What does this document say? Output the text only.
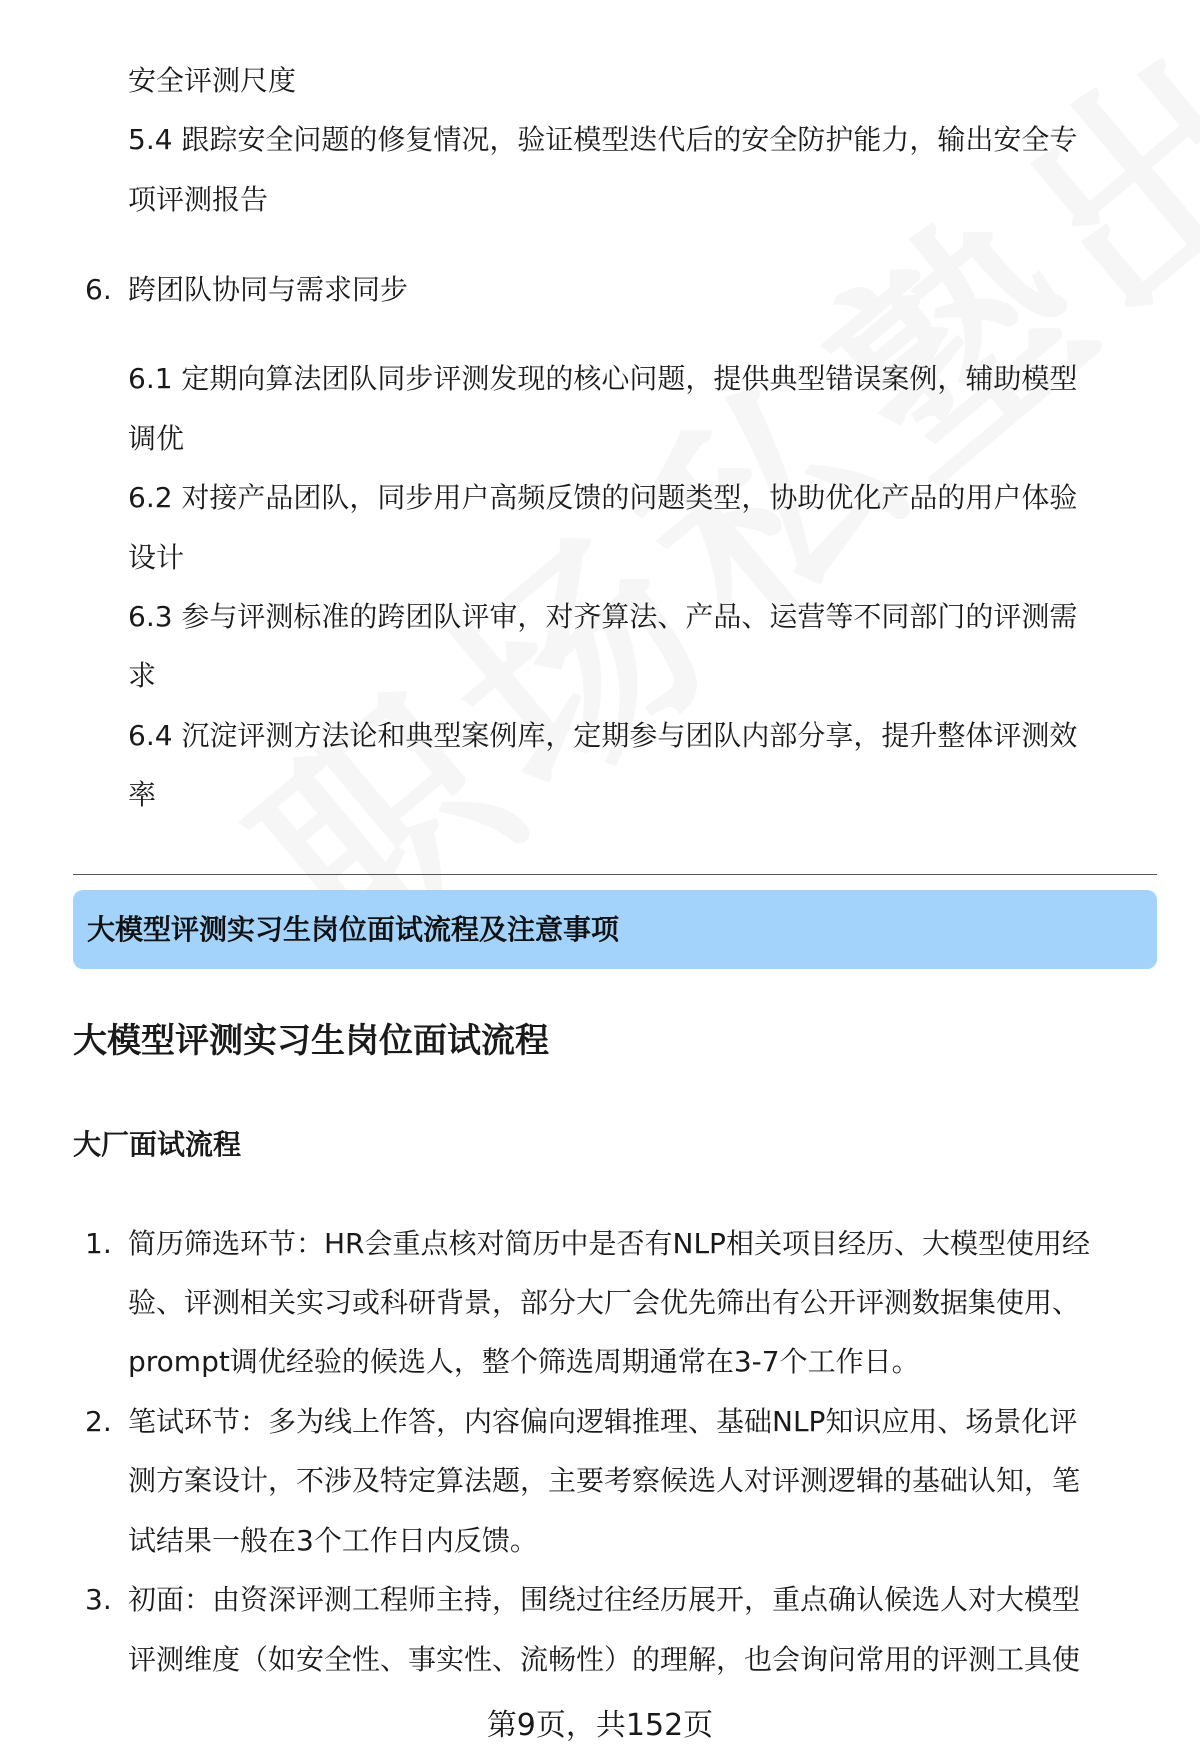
安全评测尺度
5.4 跟踪安全问题的修复情况，验证模型迭代后的安全防护能力，输出安全专
项评测报告
6. 跨团队协同与需求同步
6.1 定期向算法团队同步评测发现的核心问题，提供典型错误案例，辅助模型
调优
6.2 对接产品团队，同步用户高频反馈的问题类型，协助优化产品的用户体验
设计
6.3 参与评测标准的跨团队评审，对齐算法、产品、运营等不同部门的评测需
求
6.4 沉淀评测方法论和典型案例库，定期参与团队内部分享，提升整体评测效
率
大模型评测实习生岗位面试流程及注意事项
大模型评测实习生岗位面试流程
大厂面试流程
1. 简历筛选环节：HR会重点核对简历中是否有NLP相关项目经历、大模型使用经
验、评测相关实习或科研背景，部分大厂会优先筛出有公开评测数据集使用、
prompt调优经验的候选人，整个筛选周期通常在3-7个工作日。
2. 笔试环节：多为线上作答，内容偏向逻辑推理、基础NLP知识应用、场景化评
测方案设计，不涉及特定算法题，主要考察候选人对评测逻辑的基础认知，笔
试结果一般在3个工作日内反馈。
3. 初面：由资深评测工程师主持，围绕过往经历展开，重点确认候选人对大模型
评测维度（如安全性、事实性、流畅性）的理解，也会询问常用的评测工具使
第9页，共152页
